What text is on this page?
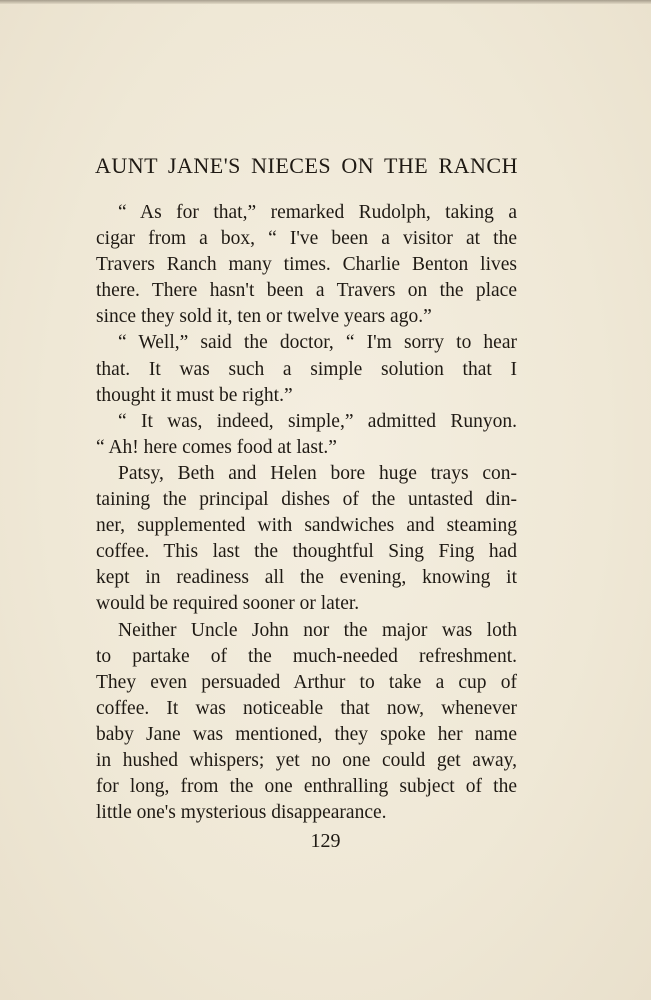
AUNT JANE'S NIECES ON THE RANCH
“ As for that,” remarked Rudolph, taking a
cigar from a box, “ I've been a visitor at the
Travers Ranch many times. Charlie Benton lives
there. There hasn't been a Travers on the place
since they sold it, ten or twelve years ago.”
“ Well,” said the doctor, “ I'm sorry to hear
that. It was such a simple solution that I
thought it must be right.”
“ It was, indeed, simple,” admitted Runyon.
“ Ah! here comes food at last.”
Patsy, Beth and Helen bore huge trays con-
taining the principal dishes of the untasted din-
ner, supplemented with sandwiches and steaming
coffee. This last the thoughtful Sing Fing had
kept in readiness all the evening, knowing it
would be required sooner or later.
Neither Uncle John nor the major was loth
to partake of the much-needed refreshment.
They even persuaded Arthur to take a cup of
coffee. It was noticeable that now, whenever
baby Jane was mentioned, they spoke her name
in hushed whispers; yet no one could get away,
for long, from the one enthralling subject of the
little one's mysterious disappearance.
129
